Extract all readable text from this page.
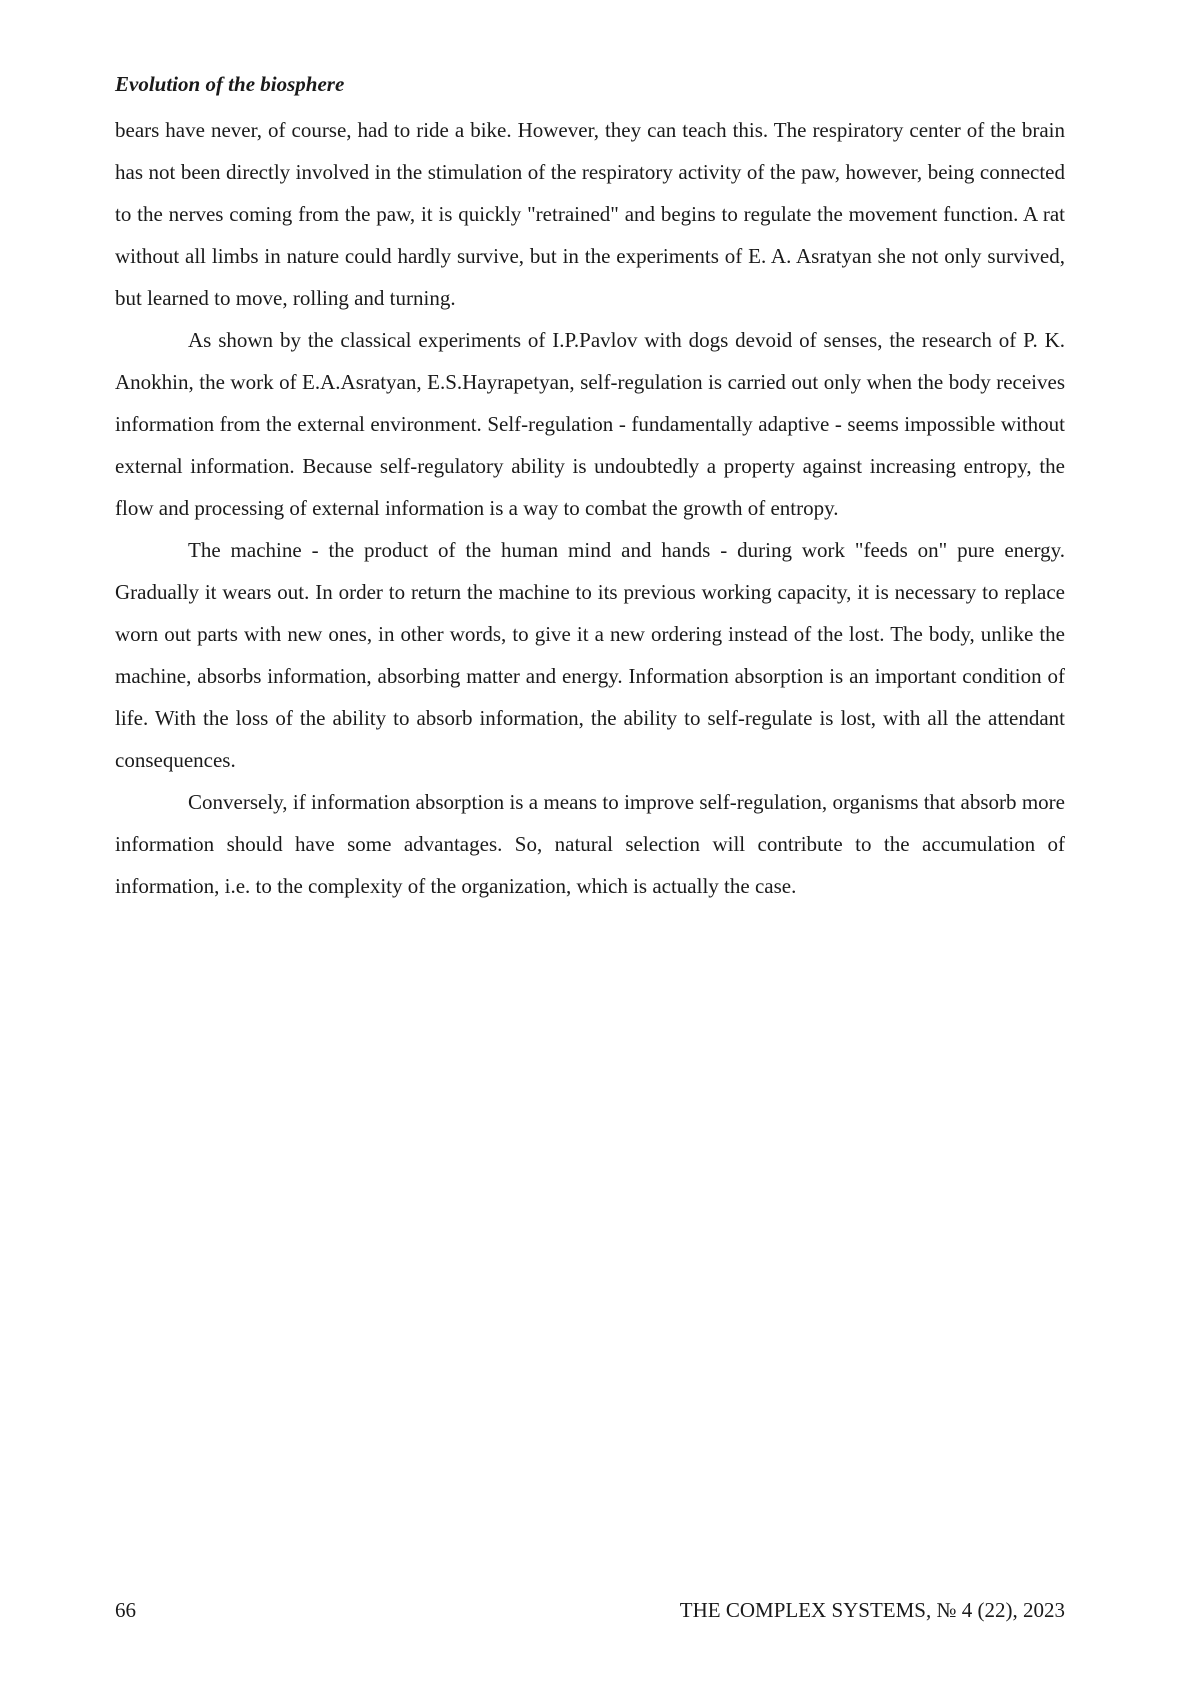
Evolution of the biosphere

bears have never, of course, had to ride a bike. However, they can teach this. The respiratory center of the brain has not been directly involved in the stimulation of the respiratory activity of the paw, however, being connected to the nerves coming from the paw, it is quickly "retrained" and begins to regulate the movement function. A rat without all limbs in nature could hardly survive, but in the experiments of E. A. Asratyan she not only survived, but learned to move, rolling and turning.

As shown by the classical experiments of I.P.Pavlov with dogs devoid of senses, the research of P. K. Anokhin, the work of E.A.Asratyan, E.S.Hayrapetyan, self-regulation is carried out only when the body receives information from the external environment. Self-regulation - fundamentally adaptive - seems impossible without external information. Because self-regulatory ability is undoubtedly a property against increasing entropy, the flow and processing of external information is a way to combat the growth of entropy.

The machine - the product of the human mind and hands - during work "feeds on" pure energy. Gradually it wears out. In order to return the machine to its previous working capacity, it is necessary to replace worn out parts with new ones, in other words, to give it a new ordering instead of the lost. The body, unlike the machine, absorbs information, absorbing matter and energy. Information absorption is an important condition of life. With the loss of the ability to absorb information, the ability to self-regulate is lost, with all the attendant consequences.

Conversely, if information absorption is a means to improve self-regulation, organisms that absorb more information should have some advantages. So, natural selection will contribute to the accumulation of information, i.e. to the complexity of the organization, which is actually the case.

66	THE COMPLEX SYSTEMS, № 4 (22), 2023
